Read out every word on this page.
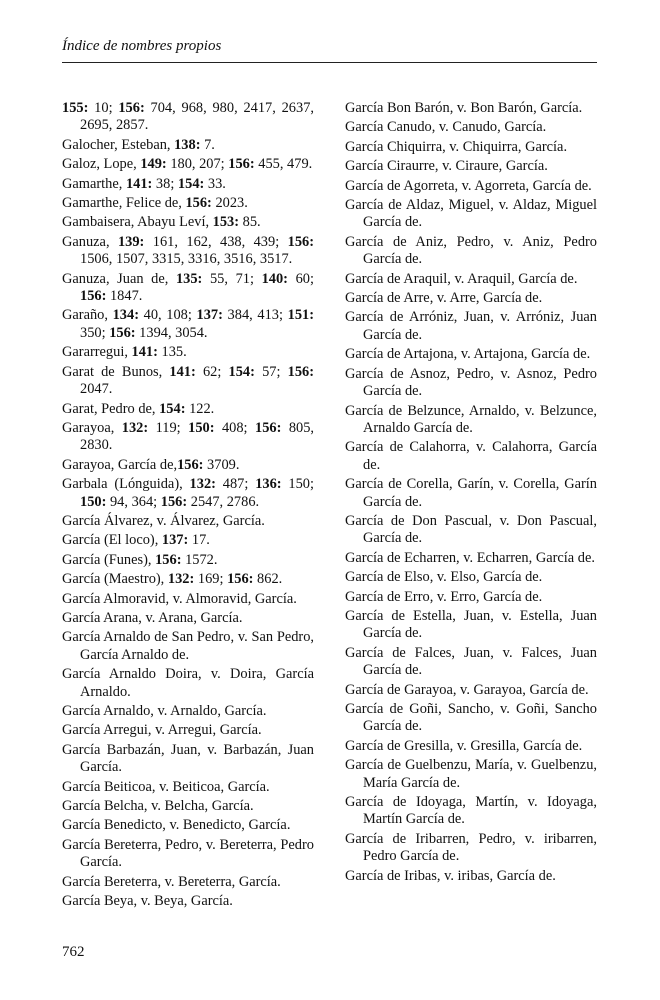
Índice de nombres propios
155: 10; 156: 704, 968, 980, 2417, 2637, 2695, 2857.
Galocher, Esteban, 138: 7.
Galoz, Lope, 149: 180, 207; 156: 455, 479.
Gamarthe, 141: 38; 154: 33.
Gamarthe, Felice de, 156: 2023.
Gambaisera, Abayu Leví, 153: 85.
Ganuza, 139: 161, 162, 438, 439; 156: 1506, 1507, 3315, 3316, 3516, 3517.
Ganuza, Juan de, 135: 55, 71; 140: 60; 156: 1847.
Garaño, 134: 40, 108; 137: 384, 413; 151: 350; 156: 1394, 3054.
Gararregui, 141: 135.
Garat de Bunos, 141: 62; 154: 57; 156: 2047.
Garat, Pedro de, 154: 122.
Garayoa, 132: 119; 150: 408; 156: 805, 2830.
Garayoa, García de,156: 3709.
Garbala (Lónguida), 132: 487; 136: 150; 150: 94, 364; 156: 2547, 2786.
García Álvarez, v. Álvarez, García.
García (El loco), 137: 17.
García (Funes), 156: 1572.
García (Maestro), 132: 169; 156: 862.
García Almoravid, v. Almoravid, García.
García Arana, v. Arana, García.
García Arnaldo de San Pedro, v. San Pedro, García Arnaldo de.
García Arnaldo Doira, v. Doira, García Arnaldo.
García Arnaldo, v. Arnaldo, García.
García Arregui, v. Arregui, García.
García Barbazán, Juan, v. Barbazán, Juan García.
García Beiticoa, v. Beiticoa, García.
García Belcha, v. Belcha, García.
García Benedicto, v. Benedicto, García.
García Bereterra, Pedro, v. Bereterra, Pedro García.
García Bereterra, v. Bereterra, García.
García Beya, v. Beya, García.
García Bon Barón, v. Bon Barón, García.
García Canudo, v. Canudo, García.
García Chiquirra, v. Chiquirra, García.
García Ciraurre, v. Ciraure, García.
García de Agorreta, v. Agorreta, García de.
García de Aldaz, Miguel, v. Aldaz, Miguel García de.
García de Aniz, Pedro, v. Aniz, Pedro García de.
García de Araquil, v. Araquil, García de.
García de Arre, v. Arre, García de.
García de Arróniz, Juan, v. Arróniz, Juan García de.
García de Artajona, v. Artajona, García de.
García de Asnoz, Pedro, v. Asnoz, Pedro García de.
García de Belzunce, Arnaldo, v. Belzunce, Arnaldo García de.
García de Calahorra, v. Calahorra, García de.
García de Corella, Garín, v. Corella, Garín García de.
García de Don Pascual, v. Don Pascual, García de.
García de Echarren, v. Echarren, García de.
García de Elso, v. Elso, García de.
García de Erro, v. Erro, García de.
García de Estella, Juan, v. Estella, Juan García de.
García de Falces, Juan, v. Falces, Juan García de.
García de Garayoa, v. Garayoa, García de.
García de Goñi, Sancho, v. Goñi, Sancho García de.
García de Gresilla, v. Gresilla, García de.
García de Guelbenzu, María, v. Guelbenzu, María García de.
García de Idoyaga, Martín, v. Idoyaga, Martín García de.
García de Iribarren, Pedro, v. iribarren, Pedro García de.
García de Iribas, v. iribas, García de.
762
